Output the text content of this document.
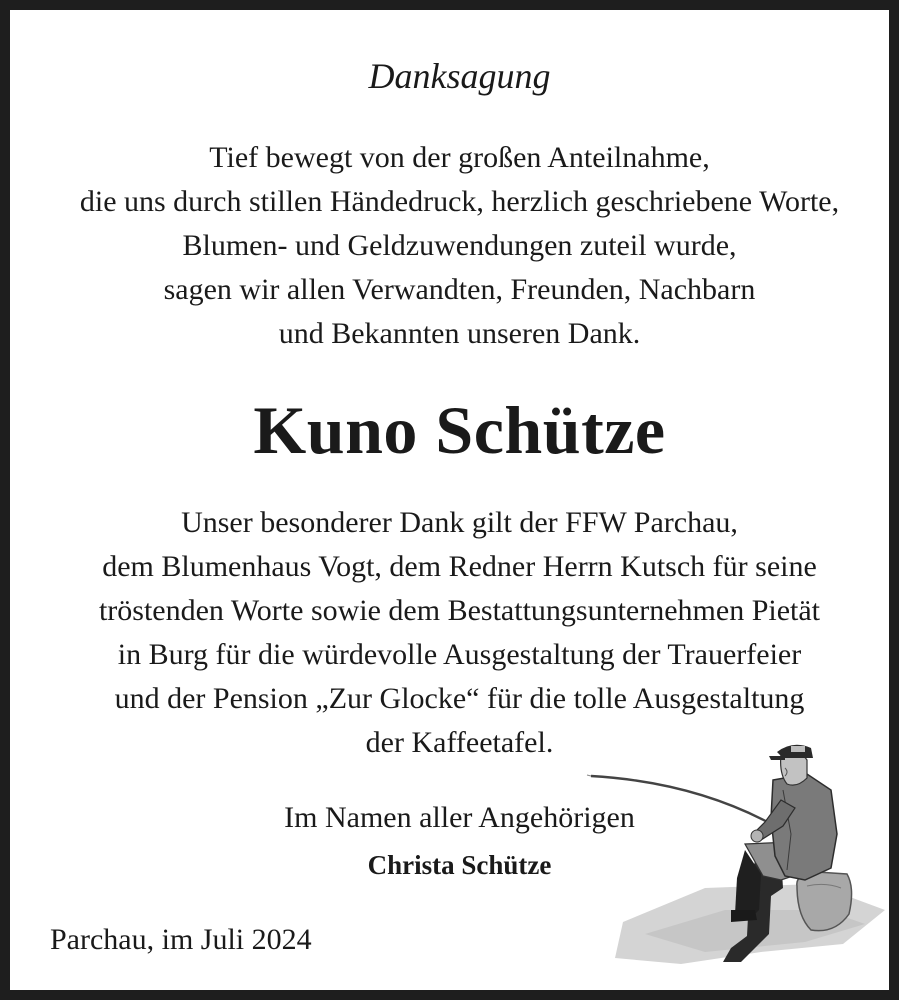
Danksagung
Tief bewegt von der großen Anteilnahme,
die uns durch stillen Händedruck, herzlich geschriebene Worte,
Blumen- und Geldzuwendungen zuteil wurde,
sagen wir allen Verwandten, Freunden, Nachbarn
und Bekannten unseren Dank.
Kuno Schütze
Unser besonderer Dank gilt der FFW Parchau,
dem Blumenhaus Vogt, dem Redner Herrn Kutsch für seine
tröstenden Worte sowie dem Bestattungsunternehmen Pietät
in Burg für die würdevolle Ausgestaltung der Trauerfeier
und der Pension „Zur Glocke“ für die tolle Ausgestaltung
der Kaffeetafel.
Im Namen aller Angehörigen
Christa Schütze
Parchau, im Juli 2024
